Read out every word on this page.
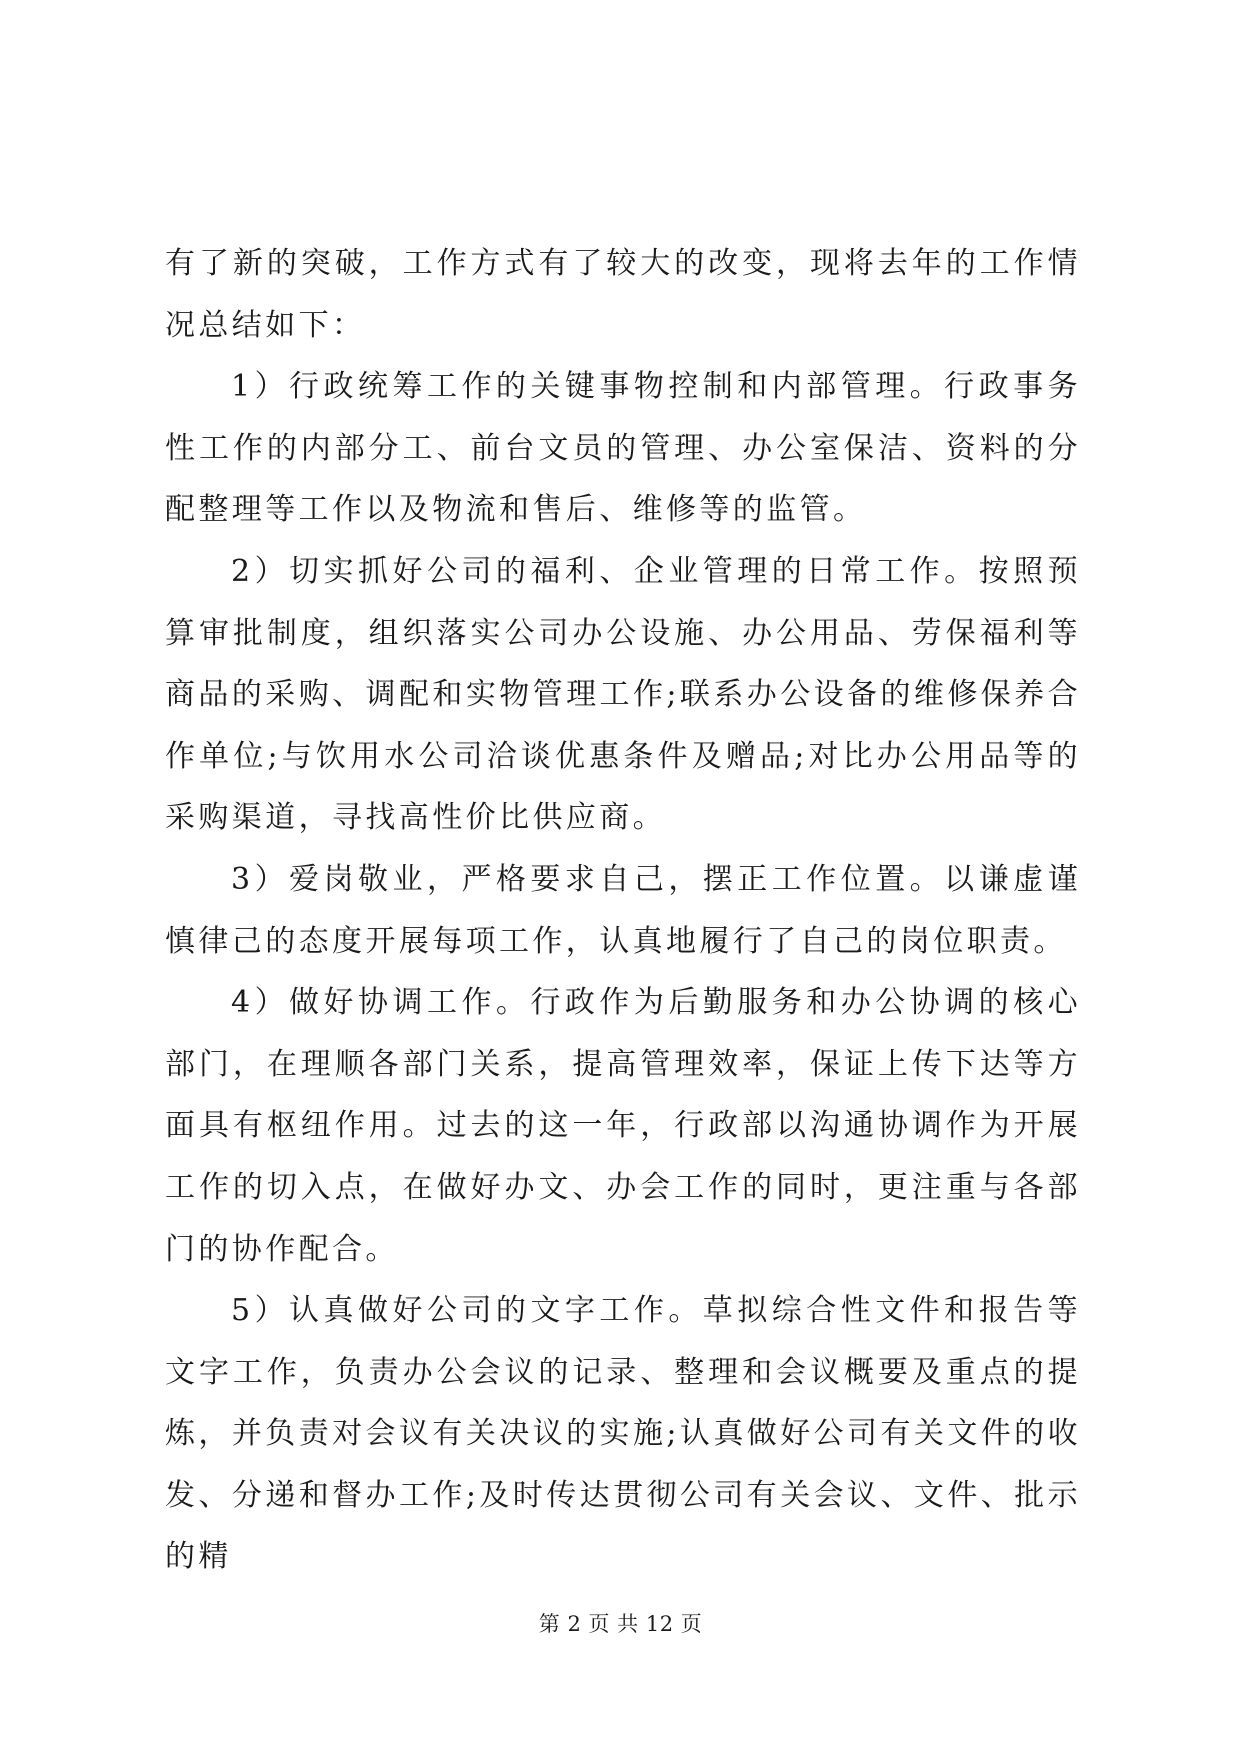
有了新的突破，工作方式有了较大的改变，现将去年的工作情况总结如下：

1）行政统筹工作的关键事物控制和内部管理。行政事务性工作的内部分工、前台文员的管理、办公室保洁、资料的分配整理等工作以及物流和售后、维修等的监管。

2）切实抓好公司的福利、企业管理的日常工作。按照预算审批制度，组织落实公司办公设施、办公用品、劳保福利等商品的采购、调配和实物管理工作;联系办公设备的维修保养合作单位;与饮用水公司洽谈优惠条件及赠品;对比办公用品等的采购渠道，寻找高性价比供应商。

3）爱岗敬业，严格要求自己，摆正工作位置。以谦虚谨慎律己的态度开展每项工作，认真地履行了自己的岗位职责。

4）做好协调工作。行政作为后勤服务和办公协调的核心部门，在理顺各部门关系，提高管理效率，保证上传下达等方面具有枢纽作用。过去的这一年，行政部以沟通协调作为开展工作的切入点，在做好办文、办会工作的同时，更注重与各部门的协作配合。

5）认真做好公司的文字工作。草拟综合性文件和报告等文字工作，负责办公会议的记录、整理和会议概要及重点的提炼，并负责对会议有关决议的实施;认真做好公司有关文件的收发、分递和督办工作;及时传达贯彻公司有关会议、文件、批示的精

第 2 页 共 12 页
